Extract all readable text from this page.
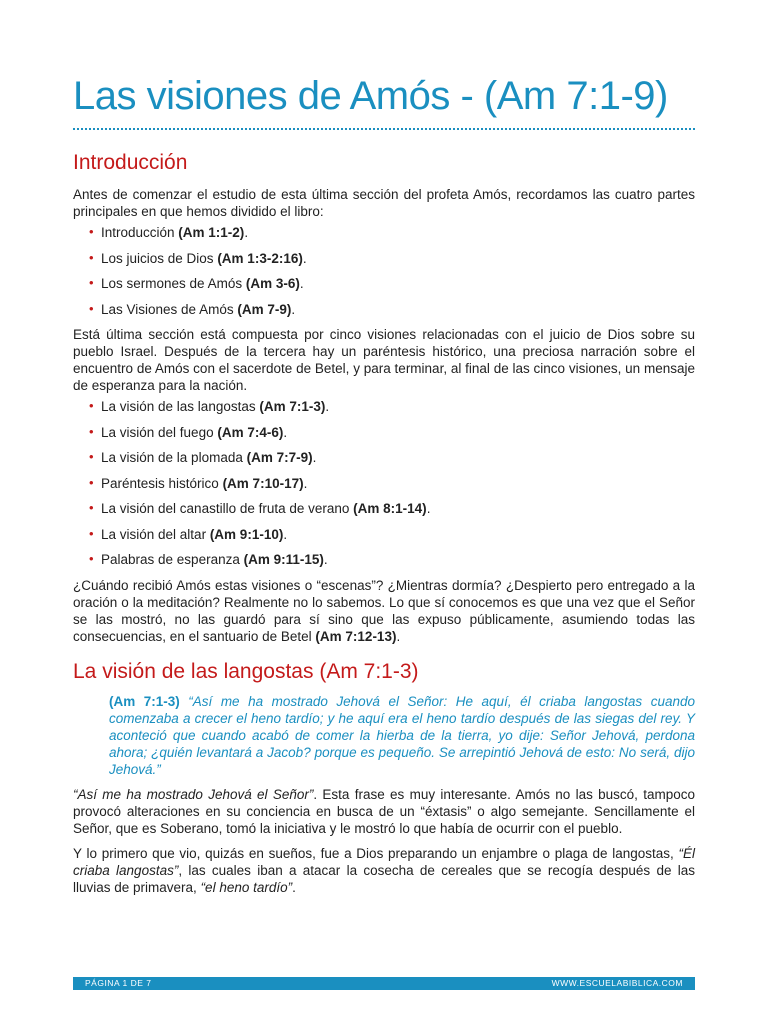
Las visiones de Amós - (Am 7:1-9)
Introducción

Antes de comenzar el estudio de esta última sección del profeta Amós, recordamos las cuatro partes principales en que hemos dividido el libro:

• Introducción (Am 1:1-2).
• Los juicios de Dios (Am 1:3-2:16).
• Los sermones de Amós (Am 3-6).
• Las Visiones de Amós (Am 7-9).

Está última sección está compuesta por cinco visiones relacionadas con el juicio de Dios sobre su pueblo Israel. Después de la tercera hay un paréntesis histórico, una preciosa narración sobre el encuentro de Amós con el sacerdote de Betel, y para terminar, al final de las cinco visiones, un mensaje de esperanza para la nación.

• La visión de las langostas (Am 7:1-3).
• La visión del fuego (Am 7:4-6).
• La visión de la plomada (Am 7:7-9).
• Paréntesis histórico (Am 7:10-17).
• La visión del canastillo de fruta de verano (Am 8:1-14).
• La visión del altar (Am 9:1-10).
• Palabras de esperanza (Am 9:11-15).

¿Cuándo recibió Amós estas visiones o “escenas”? ¿Mientras dormía? ¿Despierto pero entregado a la oración o la meditación? Realmente no lo sabemos. Lo que sí conocemos es que una vez que el Señor se las mostró, no las guardó para sí sino que las expuso públicamente, asumiendo todas las consecuencias, en el santuario de Betel (Am 7:12-13).

La visión de las langostas (Am 7:1-3)
(Am 7:1-3) “Así me ha mostrado Jehová el Señor: He aquí, él criaba langostas cuando comenzaba a crecer el heno tardío; y he aquí era el heno tardío después de las siegas del rey. Y aconteció que cuando acabó de comer la hierba de la tierra, yo dije: Señor Jehová, perdona ahora; ¿quién levantará a Jacob? porque es pequeño. Se arrepintió Jehová de esto: No será, dijo Jehová.”

“Así me ha mostrado Jehová el Señor”. Esta frase es muy interesante. Amós no las buscó, tampoco provocó alteraciones en su conciencia en busca de un “éxtasis” o algo semejante. Sencillamente el Señor, que es Soberano, tomó la iniciativa y le mostró lo que había de ocurrir con el pueblo.

Y lo primero que vio, quizás en sueños, fue a Dios preparando un enjambre o plaga de langostas, “Él criaba langostas”, las cuales iban a atacar la cosecha de cereales que se recogía después de las lluvias de primavera, “el heno tardío”.

PÁGINA 1 DE 7	WWW.ESCUELABIBLICA.COM
